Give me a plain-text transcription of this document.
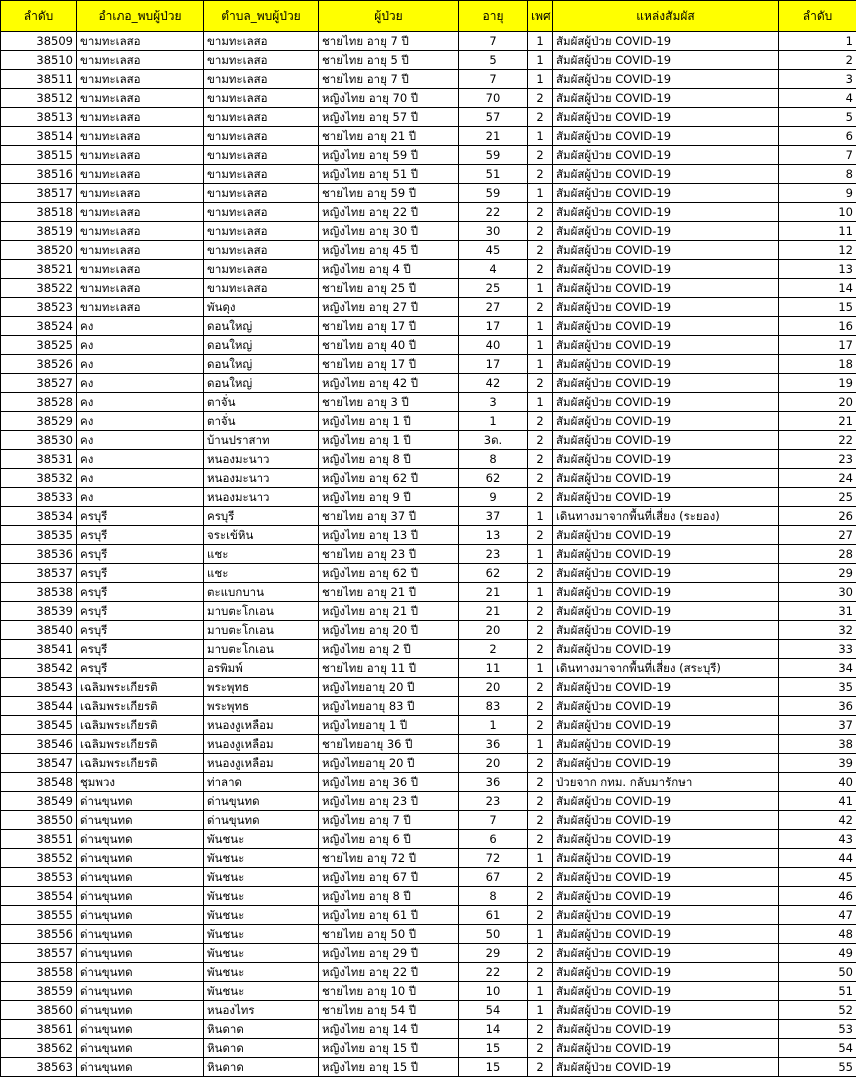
ลำดับ	อำเภอ_พบผู้ป่วย	ตำบล_พบผู้ป่วย	ผู้ป่วย	อายุ	เพศ	แหล่งสัมผัส	ลำดับ
38509	ขามทะเลสอ	ขามทะเลสอ	ชายไทย อายุ 7 ปี	7	1	สัมผัสผู้ป่วย COVID-19	1
38510	ขามทะเลสอ	ขามทะเลสอ	ชายไทย อายุ 5 ปี	5	1	สัมผัสผู้ป่วย COVID-19	2
38511	ขามทะเลสอ	ขามทะเลสอ	ชายไทย อายุ 7 ปี	7	1	สัมผัสผู้ป่วย COVID-19	3
38512	ขามทะเลสอ	ขามทะเลสอ	หญิงไทย อายุ 70 ปี	70	2	สัมผัสผู้ป่วย COVID-19	4
38513	ขามทะเลสอ	ขามทะเลสอ	หญิงไทย อายุ 57 ปี	57	2	สัมผัสผู้ป่วย COVID-19	5
38514	ขามทะเลสอ	ขามทะเลสอ	ชายไทย อายุ 21 ปี	21	1	สัมผัสผู้ป่วย COVID-19	6
38515	ขามทะเลสอ	ขามทะเลสอ	หญิงไทย อายุ 59 ปี	59	2	สัมผัสผู้ป่วย COVID-19	7
38516	ขามทะเลสอ	ขามทะเลสอ	หญิงไทย อายุ 51 ปี	51	2	สัมผัสผู้ป่วย COVID-19	8
38517	ขามทะเลสอ	ขามทะเลสอ	ชายไทย อายุ 59 ปี	59	1	สัมผัสผู้ป่วย COVID-19	9
38518	ขามทะเลสอ	ขามทะเลสอ	หญิงไทย อายุ 22 ปี	22	2	สัมผัสผู้ป่วย COVID-19	10
38519	ขามทะเลสอ	ขามทะเลสอ	หญิงไทย อายุ 30 ปี	30	2	สัมผัสผู้ป่วย COVID-19	11
38520	ขามทะเลสอ	ขามทะเลสอ	หญิงไทย อายุ 45 ปี	45	2	สัมผัสผู้ป่วย COVID-19	12
38521	ขามทะเลสอ	ขามทะเลสอ	หญิงไทย อายุ 4 ปี	4	2	สัมผัสผู้ป่วย COVID-19	13
38522	ขามทะเลสอ	ขามทะเลสอ	ชายไทย อายุ 25 ปี	25	1	สัมผัสผู้ป่วย COVID-19	14
38523	ขามทะเลสอ	พันดุง	หญิงไทย อายุ 27 ปี	27	2	สัมผัสผู้ป่วย COVID-19	15
38524	คง	ดอนใหญ่	ชายไทย อายุ 17 ปี	17	1	สัมผัสผู้ป่วย COVID-19	16
38525	คง	ดอนใหญ่	ชายไทย อายุ 40 ปี	40	1	สัมผัสผู้ป่วย COVID-19	17
38526	คง	ดอนใหญ่	ชายไทย อายุ 17 ปี	17	1	สัมผัสผู้ป่วย COVID-19	18
38527	คง	ดอนใหญ่	หญิงไทย อายุ 42 ปี	42	2	สัมผัสผู้ป่วย COVID-19	19
38528	คง	ตาจั่น	ชายไทย อายุ 3 ปี	3	1	สัมผัสผู้ป่วย COVID-19	20
38529	คง	ตาจั่น	หญิงไทย อายุ 1 ปี	1	2	สัมผัสผู้ป่วย COVID-19	21
38530	คง	บ้านปราสาท	หญิงไทย อายุ 1 ปี	3ด.	2	สัมผัสผู้ป่วย COVID-19	22
38531	คง	หนองมะนาว	หญิงไทย อายุ 8 ปี	8	2	สัมผัสผู้ป่วย COVID-19	23
38532	คง	หนองมะนาว	หญิงไทย อายุ 62 ปี	62	2	สัมผัสผู้ป่วย COVID-19	24
38533	คง	หนองมะนาว	หญิงไทย อายุ 9 ปี	9	2	สัมผัสผู้ป่วย COVID-19	25
38534	ครบุรี	ครบุรี	ชายไทย อายุ 37 ปี	37	1	เดินทางมาจากพื้นที่เสี่ยง (ระยอง)	26
38535	ครบุรี	จระเข้หิน	หญิงไทย อายุ 13 ปี	13	2	สัมผัสผู้ป่วย COVID-19	27
38536	ครบุรี	แชะ	ชายไทย อายุ 23 ปี	23	1	สัมผัสผู้ป่วย COVID-19	28
38537	ครบุรี	แชะ	หญิงไทย อายุ 62 ปี	62	2	สัมผัสผู้ป่วย COVID-19	29
38538	ครบุรี	ตะแบกบาน	ชายไทย อายุ 21 ปี	21	1	สัมผัสผู้ป่วย COVID-19	30
38539	ครบุรี	มาบตะโกเอน	หญิงไทย อายุ 21 ปี	21	2	สัมผัสผู้ป่วย COVID-19	31
38540	ครบุรี	มาบตะโกเอน	หญิงไทย อายุ 20 ปี	20	2	สัมผัสผู้ป่วย COVID-19	32
38541	ครบุรี	มาบตะโกเอน	หญิงไทย อายุ 2 ปี	2	2	สัมผัสผู้ป่วย COVID-19	33
38542	ครบุรี	อรพิมพ์	ชายไทย อายุ 11 ปี	11	1	เดินทางมาจากพื้นที่เสี่ยง (สระบุรี)	34
38543	เฉลิมพระเกียรติ	พระพุทธ	หญิงไทยอายุ 20 ปี	20	2	สัมผัสผู้ป่วย COVID-19	35
38544	เฉลิมพระเกียรติ	พระพุทธ	หญิงไทยอายุ 83 ปี	83	2	สัมผัสผู้ป่วย COVID-19	36
38545	เฉลิมพระเกียรติ	หนองงูเหลือม	หญิงไทยอายุ 1 ปี	1	2	สัมผัสผู้ป่วย COVID-19	37
38546	เฉลิมพระเกียรติ	หนองงูเหลือม	ชายไทยอายุ 36 ปี	36	1	สัมผัสผู้ป่วย COVID-19	38
38547	เฉลิมพระเกียรติ	หนองงูเหลือม	หญิงไทยอายุ 20 ปี	20	2	สัมผัสผู้ป่วย COVID-19	39
38548	ชุมพวง	ท่าลาด	หญิงไทย อายุ 36 ปี	36	2	ป่วยจาก กทม. กลับมารักษา	40
38549	ด่านขุนทด	ด่านขุนทด	หญิงไทย อายุ 23 ปี	23	2	สัมผัสผู้ป่วย COVID-19	41
38550	ด่านขุนทด	ด่านขุนทด	หญิงไทย อายุ 7 ปี	7	2	สัมผัสผู้ป่วย COVID-19	42
38551	ด่านขุนทด	พันชนะ	หญิงไทย อายุ 6 ปี	6	2	สัมผัสผู้ป่วย COVID-19	43
38552	ด่านขุนทด	พันชนะ	ชายไทย อายุ 72 ปี	72	1	สัมผัสผู้ป่วย COVID-19	44
38553	ด่านขุนทด	พันชนะ	หญิงไทย อายุ 67 ปี	67	2	สัมผัสผู้ป่วย COVID-19	45
38554	ด่านขุนทด	พันชนะ	หญิงไทย อายุ 8 ปี	8	2	สัมผัสผู้ป่วย COVID-19	46
38555	ด่านขุนทด	พันชนะ	หญิงไทย อายุ 61 ปี	61	2	สัมผัสผู้ป่วย COVID-19	47
38556	ด่านขุนทด	พันชนะ	ชายไทย อายุ 50 ปี	50	1	สัมผัสผู้ป่วย COVID-19	48
38557	ด่านขุนทด	พันชนะ	หญิงไทย อายุ 29 ปี	29	2	สัมผัสผู้ป่วย COVID-19	49
38558	ด่านขุนทด	พันชนะ	หญิงไทย อายุ 22 ปี	22	2	สัมผัสผู้ป่วย COVID-19	50
38559	ด่านขุนทด	พันชนะ	ชายไทย อายุ 10 ปี	10	1	สัมผัสผู้ป่วย COVID-19	51
38560	ด่านขุนทด	หนองไทร	ชายไทย อายุ 54 ปี	54	1	สัมผัสผู้ป่วย COVID-19	52
38561	ด่านขุนทด	หินดาด	หญิงไทย อายุ 14 ปี	14	2	สัมผัสผู้ป่วย COVID-19	53
38562	ด่านขุนทด	หินดาด	หญิงไทย อายุ 15 ปี	15	2	สัมผัสผู้ป่วย COVID-19	54
38563	ด่านขุนทด	หินดาด	หญิงไทย อายุ 15 ปี	15	2	สัมผัสผู้ป่วย COVID-19	55
